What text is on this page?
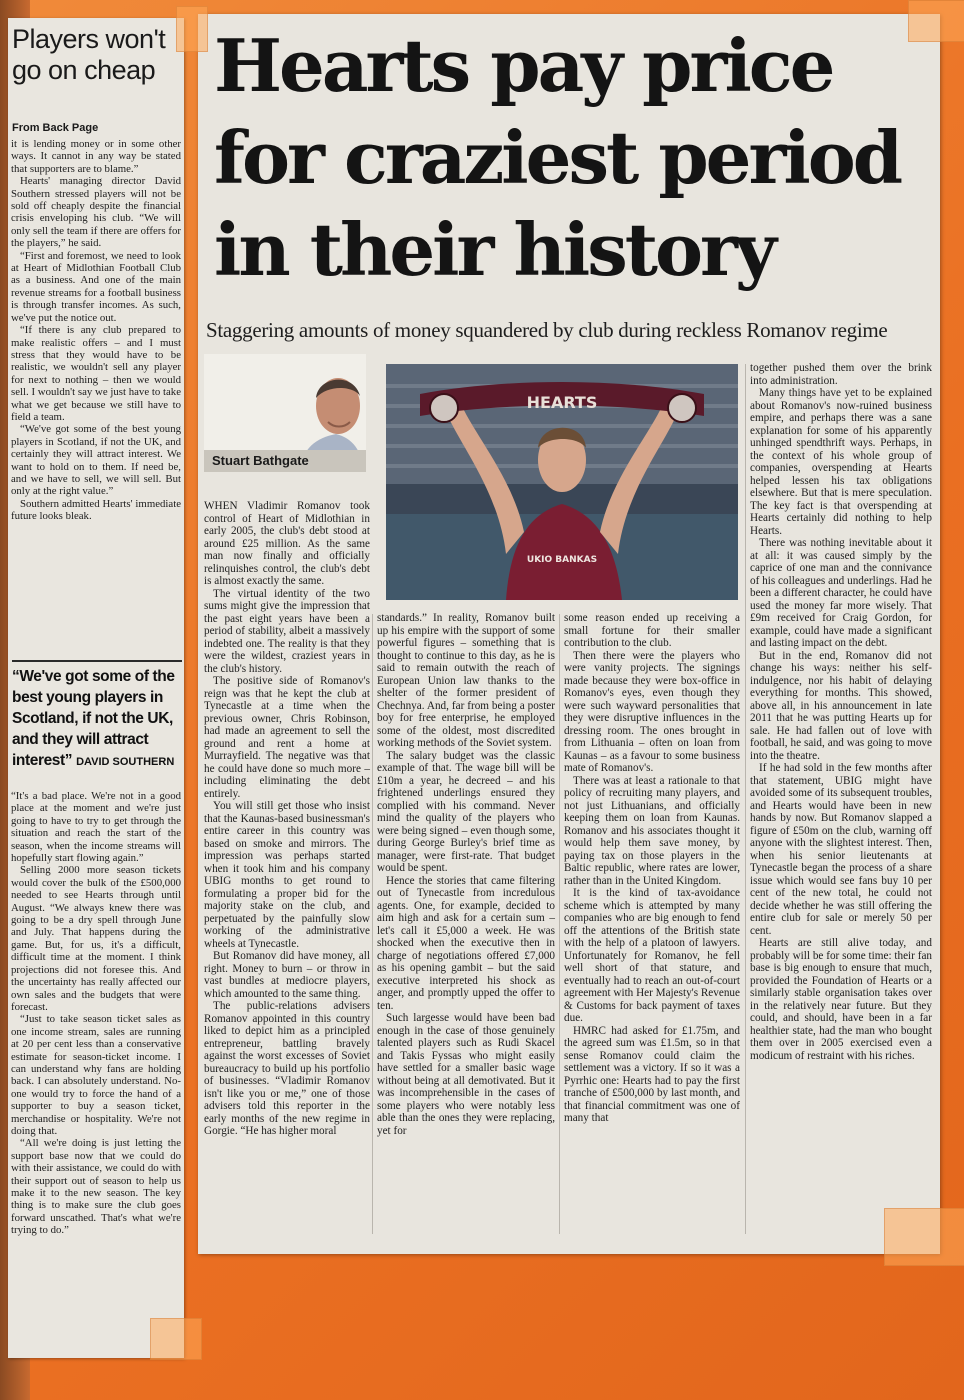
Players won't go on cheap
From Back Page

it is lending money or in some other ways. It cannot in any way be stated that supporters are to blame.”

Hearts' managing director David Southern stressed players will not be sold off cheaply despite the financial crisis enveloping his club. “We will only sell the team if there are offers for the players,” he said.

“First and foremost, we need to look at Heart of Midlothian Football Club as a business. And one of the main revenue streams for a football business is through transfer incomes. As such, we've put the notice out.

“If there is any club prepared to make realistic offers – and I must stress that they would have to be realistic, we wouldn't sell any player for next to nothing – then we would sell. I wouldn't say we just have to take what we get because we still have to field a team.

“We've got some of the best young players in Scotland, if not the UK, and certainly they will attract interest. We want to hold on to them. If need be, and we have to sell, we will sell. But only at the right value.”

Southern admitted Hearts' immediate future looks bleak.

“We've got some of the best young players in Scotland, if not the UK, and they will attract interest” DAVID SOUTHERN

“It's a bad place. We're not in a good place at the moment and we're just going to have to try to get through the situation and reach the start of the season, when the income streams will hopefully start flowing again.”

Selling 2000 more season tickets would cover the bulk of the £500,000 needed to see Hearts through until August. “We always knew there was going to be a dry spell through June and July. That happens during the game. But, for us, it's a difficult, difficult time at the moment. I think projections did not foresee this. And the uncertainty has really affected our own sales and the budgets that were forecast.

“Just to take season ticket sales as one income stream, sales are running at 20 per cent less than a conservative estimate for season-ticket income. I can understand why fans are holding back. I can absolutely understand. No-one would try to force the hand of a supporter to buy a season ticket, merchandise or hospitality. We're not doing that.

“All we're doing is just letting the support base now that we could do with their assistance, we could do with their support out of season to help us make it to the new season. The key thing is to make sure the club goes forward unscathed. That's what we're trying to do.”

Hearts pay price for craziest period in their history
Staggering amounts of money squandered by club during reckless Romanov regime
Stuart Bathgate
HEARTS
UKIO BANKAS

WHEN Vladimir Romanov took control of Heart of Midlothian in early 2005, the club's debt stood at around £25 million. As the same man now finally and officially relinquishes control, the club's debt is almost exactly the same.

The virtual identity of the two sums might give the impression that the past eight years have been a period of stability, albeit a massively indebted one. The reality is that they were the wildest, craziest years in the club's history.

The positive side of Romanov's reign was that he kept the club at Tynecastle at a time when the previous owner, Chris Robinson, had made an agreement to sell the ground and rent a home at Murrayfield. The negative was that he could have done so much more – including eliminating the debt entirely.

You will still get those who insist that the Kaunas-based businessman's entire career in this country was based on smoke and mirrors. The impression was perhaps started when it took him and his company UBIG months to get round to formulating a proper bid for the majority stake on the club, and perpetuated by the painfully slow working of the administrative wheels at Tynecastle.

But Romanov did have money, all right. Money to burn – or throw in vast bundles at mediocre players, which amounted to the same thing.

The public-relations advisers Romanov appointed in this country liked to depict him as a principled entrepreneur, battling bravely against the worst excesses of Soviet bureaucracy to build up his portfolio of businesses. “Vladimir Romanov isn't like you or me,” one of those advisers told this reporter in the early months of the new regime in Gorgie. “He has higher moral

standards.” In reality, Romanov built up his empire with the support of some powerful figures – something that is thought to continue to this day, as he is said to remain outwith the reach of European Union law thanks to the shelter of the former president of Chechnya. And, far from being a poster boy for free enterprise, he employed some of the oldest, most discredited working methods of the Soviet system.

The salary budget was the classic example of that. The wage bill will be £10m a year, he decreed – and his frightened underlings ensured they complied with his command. Never mind the quality of the players who were being signed – even though some, during George Burley's brief time as manager, were first-rate. That budget would be spent.

Hence the stories that came filtering out of Tynecastle from incredulous agents. One, for example, decided to aim high and ask for a certain sum – let's call it £5,000 a week. He was shocked when the executive then in charge of negotiations offered £7,000 as his opening gambit – but the said executive interpreted his shock as anger, and promptly upped the offer to ten.

Such largesse would have been bad enough in the case of those genuinely talented players such as Rudi Skacel and Takis Fyssas who might easily have settled for a smaller basic wage without being at all demotivated. But it was incomprehensible in the cases of some players who were notably less able than the ones they were replacing, yet for

some reason ended up receiving a small fortune for their smaller contribution to the club.

Then there were the players who were vanity projects. The signings made because they were box-office in Romanov's eyes, even though they were such wayward personalities that they were disruptive influences in the dressing room. The ones brought in from Lithuania – often on loan from Kaunas – as a favour to some business mate of Romanov's.

There was at least a rationale to that policy of recruiting many players, and not just Lithuanians, and officially keeping them on loan from Kaunas. Romanov and his associates thought it would help them save money, by paying tax on those players in the Baltic republic, where rates are lower, rather than in the United Kingdom.

It is the kind of tax-avoidance scheme which is attempted by many companies who are big enough to fend off the attentions of the British state with the help of a platoon of lawyers. Unfortunately for Romanov, he fell well short of that stature, and eventually had to reach an out-of-court agreement with Her Majesty's Revenue & Customs for back payment of taxes due.

HMRC had asked for £1.75m, and the agreed sum was £1.5m, so in that sense Romanov could claim the settlement was a victory. If so it was a Pyrrhic one: Hearts had to pay the first tranche of £500,000 by last month, and that financial commitment was one of many that

together pushed them over the brink into administration.

Many things have yet to be explained about Romanov's now-ruined business empire, and perhaps there was a sane explanation for some of his apparently unhinged spendthrift ways. Perhaps, in the context of his whole group of companies, overspending at Hearts helped lessen his tax obligations elsewhere. But that is mere speculation. The key fact is that overspending at Hearts certainly did nothing to help Hearts.

There was nothing inevitable about it at all: it was caused simply by the caprice of one man and the connivance of his colleagues and underlings. Had he been a different character, he could have used the money far more wisely. That £9m received for Craig Gordon, for example, could have made a significant and lasting impact on the debt.

But in the end, Romanov did not change his ways: neither his self-indulgence, nor his habit of delaying everything for months. This showed, above all, in his announcement in late 2011 that he was putting Hearts up for sale. He had fallen out of love with football, he said, and was going to move into the theatre.

If he had sold in the few months after that statement, UBIG might have avoided some of its subsequent troubles, and Hearts would have been in new hands by now. But Romanov slapped a figure of £50m on the club, warning off anyone with the slightest interest. Then, when his senior lieutenants at Tynecastle began the process of a share issue which would see fans buy 10 per cent of the new total, he could not decide whether he was still offering the entire club for sale or merely 50 per cent.

Hearts are still alive today, and probably will be for some time: their fan base is big enough to ensure that much, provided the Foundation of Hearts or a similarly stable organisation takes over in the relatively near future. But they could, and should, have been in a far healthier state, had the man who bought them over in 2005 exercised even a modicum of restraint with his riches.
